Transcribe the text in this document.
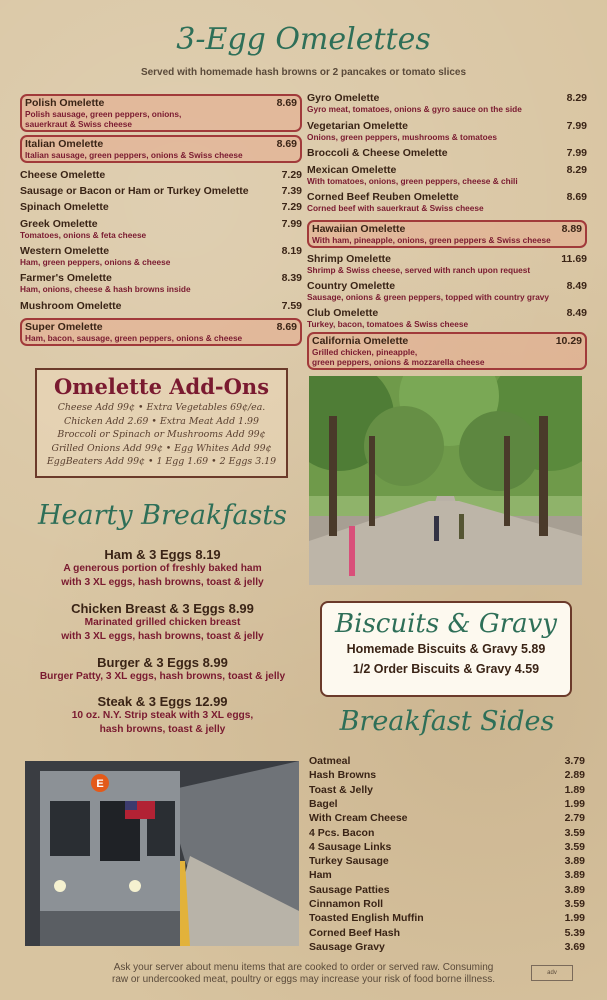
3-Egg Omelettes
Served with homemade hash browns or 2 pancakes or tomato slices
Polish Omelette	8.69
Polish sausage, green peppers, onions,
sauerkraut & Swiss cheese
Italian Omelette	8.69
Italian sausage, green peppers, onions & Swiss cheese
Cheese Omelette	7.29
Sausage or Bacon or Ham or Turkey Omelette	7.39
Spinach Omelette	7.29
Greek Omelette	7.99
Tomatoes, onions & feta cheese
Western Omelette	8.19
Ham, green peppers, onions & cheese
Farmer's Omelette	8.39
Ham, onions, cheese & hash browns inside
Mushroom Omelette	7.59
Super Omelette	8.69
Ham, bacon, sausage, green peppers, onions & cheese
Gyro Omelette	8.29
Gyro meat, tomatoes, onions & gyro sauce on the side
Vegetarian Omelette	7.99
Onions, green peppers, mushrooms & tomatoes
Broccoli & Cheese Omelette	7.99
Mexican Omelette	8.29
With tomatoes, onions, green peppers, cheese & chili
Corned Beef Reuben Omelette	8.69
Corned beef with sauerkraut & Swiss cheese
Hawaiian Omelette	8.89
With ham, pineapple, onions, green peppers & Swiss cheese
Shrimp Omelette	11.69
Shrimp & Swiss cheese, served with ranch upon request
Country Omelette	8.49
Sausage, onions & green peppers, topped with country gravy
Club Omelette	8.49
Turkey, bacon, tomatoes & Swiss cheese
California Omelette	10.29
Grilled chicken, pineapple,
green peppers, onions & mozzarella cheese
Omelette Add-Ons
Cheese Add 99¢ • Extra Vegetables 69¢/ea.
Chicken Add 2.69 • Extra Meat Add 1.99
Broccoli or Spinach or Mushrooms Add 99¢
Grilled Onions Add 99¢ • Egg Whites Add 99¢
EggBeaters Add 99¢ • 1 Egg 1.69 • 2 Eggs 3.19
Hearty Breakfasts
Ham & 3 Eggs 8.19
A generous portion of freshly baked ham
with 3 XL eggs, hash browns, toast & jelly
Chicken Breast & 3 Eggs 8.99
Marinated grilled chicken breast
with 3 XL eggs, hash browns, toast & jelly
Burger & 3 Eggs 8.99
Burger Patty, 3 XL eggs, hash browns, toast & jelly
Steak & 3 Eggs 12.99
10 oz. N.Y. Strip steak with 3 XL eggs,
hash browns, toast & jelly
Biscuits & Gravy
Homemade Biscuits & Gravy 5.89
1/2 Order Biscuits & Gravy 4.59
Breakfast Sides
Oatmeal	3.79
Hash Browns	2.89
Toast & Jelly	1.89
Bagel	1.99
With Cream Cheese	2.79
4 Pcs. Bacon	3.59
4 Sausage Links	3.59
Turkey Sausage	3.89
Ham	3.89
Sausage Patties	3.89
Cinnamon Roll	3.59
Toasted English Muffin	1.99
Corned Beef Hash	5.39
Sausage Gravy	3.69
E
Ask your server about menu items that are cooked to order or served raw. Consuming
raw or undercooked meat, poultry or eggs may increase your risk of food borne illness.
adv
